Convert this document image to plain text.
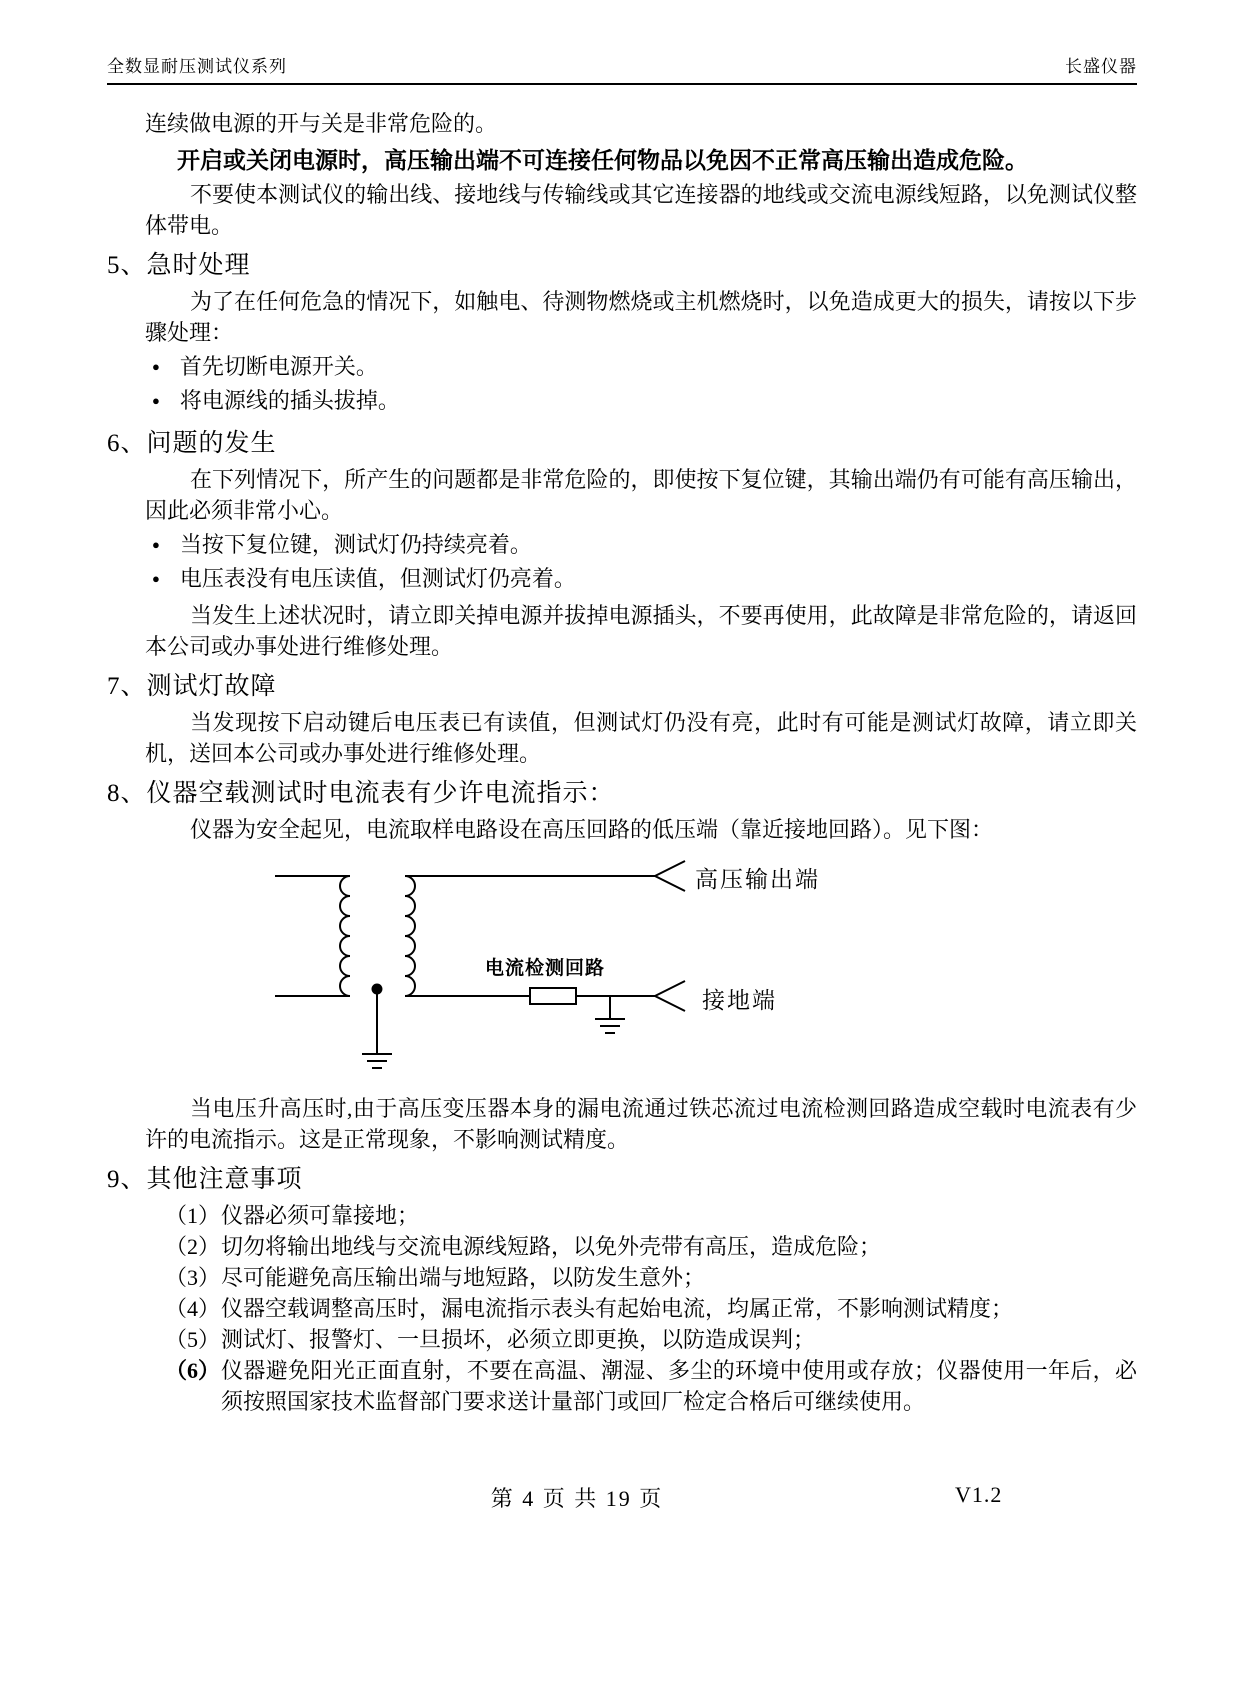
全数显耐压测试仪系列	长盛仪器

连续做电源的开与关是非常危险的。

开启或关闭电源时，高压输出端不可连接任何物品以免因不正常高压输出造成危险。

不要使本测试仪的输出线、接地线与传输线或其它连接器的地线或交流电源线短路，以免测试仪整体带电。

5、急时处理

为了在任何危急的情况下，如触电、待测物燃烧或主机燃烧时，以免造成更大的损失，请按以下步骤处理：

● 首先切断电源开关。
● 将电源线的插头拔掉。
6、问题的发生

在下列情况下，所产生的问题都是非常危险的，即使按下复位键，其输出端仍有可能有高压输出，因此必须非常小心。

● 当按下复位键，测试灯仍持续亮着。
● 电压表没有电压读值，但测试灯仍亮着。

当发生上述状况时，请立即关掉电源并拔掉电源插头，不要再使用，此故障是非常危险的，请返回本公司或办事处进行维修处理。

7、测试灯故障

当发现按下启动键后电压表已有读值，但测试灯仍没有亮，此时有可能是测试灯故障，请立即关机，送回本公司或办事处进行维修处理。

8、仪器空载测试时电流表有少许电流指示：

仪器为安全起见，电流取样电路设在高压回路的低压端（靠近接地回路）。见下图：

高压输出端
电流检测回路
接地端

当电压升高压时,由于高压变压器本身的漏电流通过铁芯流过电流检测回路造成空载时电流表有少许的电流指示。这是正常现象，不影响测试精度。

9、其他注意事项
（1） 仪器必须可靠接地；
（2） 切勿将输出地线与交流电源线短路，以免外壳带有高压，造成危险；
（3） 尽可能避免高压输出端与地短路，以防发生意外；
（4） 仪器空载调整高压时，漏电流指示表头有起始电流，均属正常，不影响测试精度；
（5） 测试灯、报警灯、一旦损坏，必须立即更换，以防造成误判；
（6） 仪器避免阳光正面直射，不要在高温、潮湿、多尘的环境中使用或存放；仪器使用一年后，必须按照国家技术监督部门要求送计量部门或回厂检定合格后可继续使用。
第 4 页 共 19 页	V1.2
